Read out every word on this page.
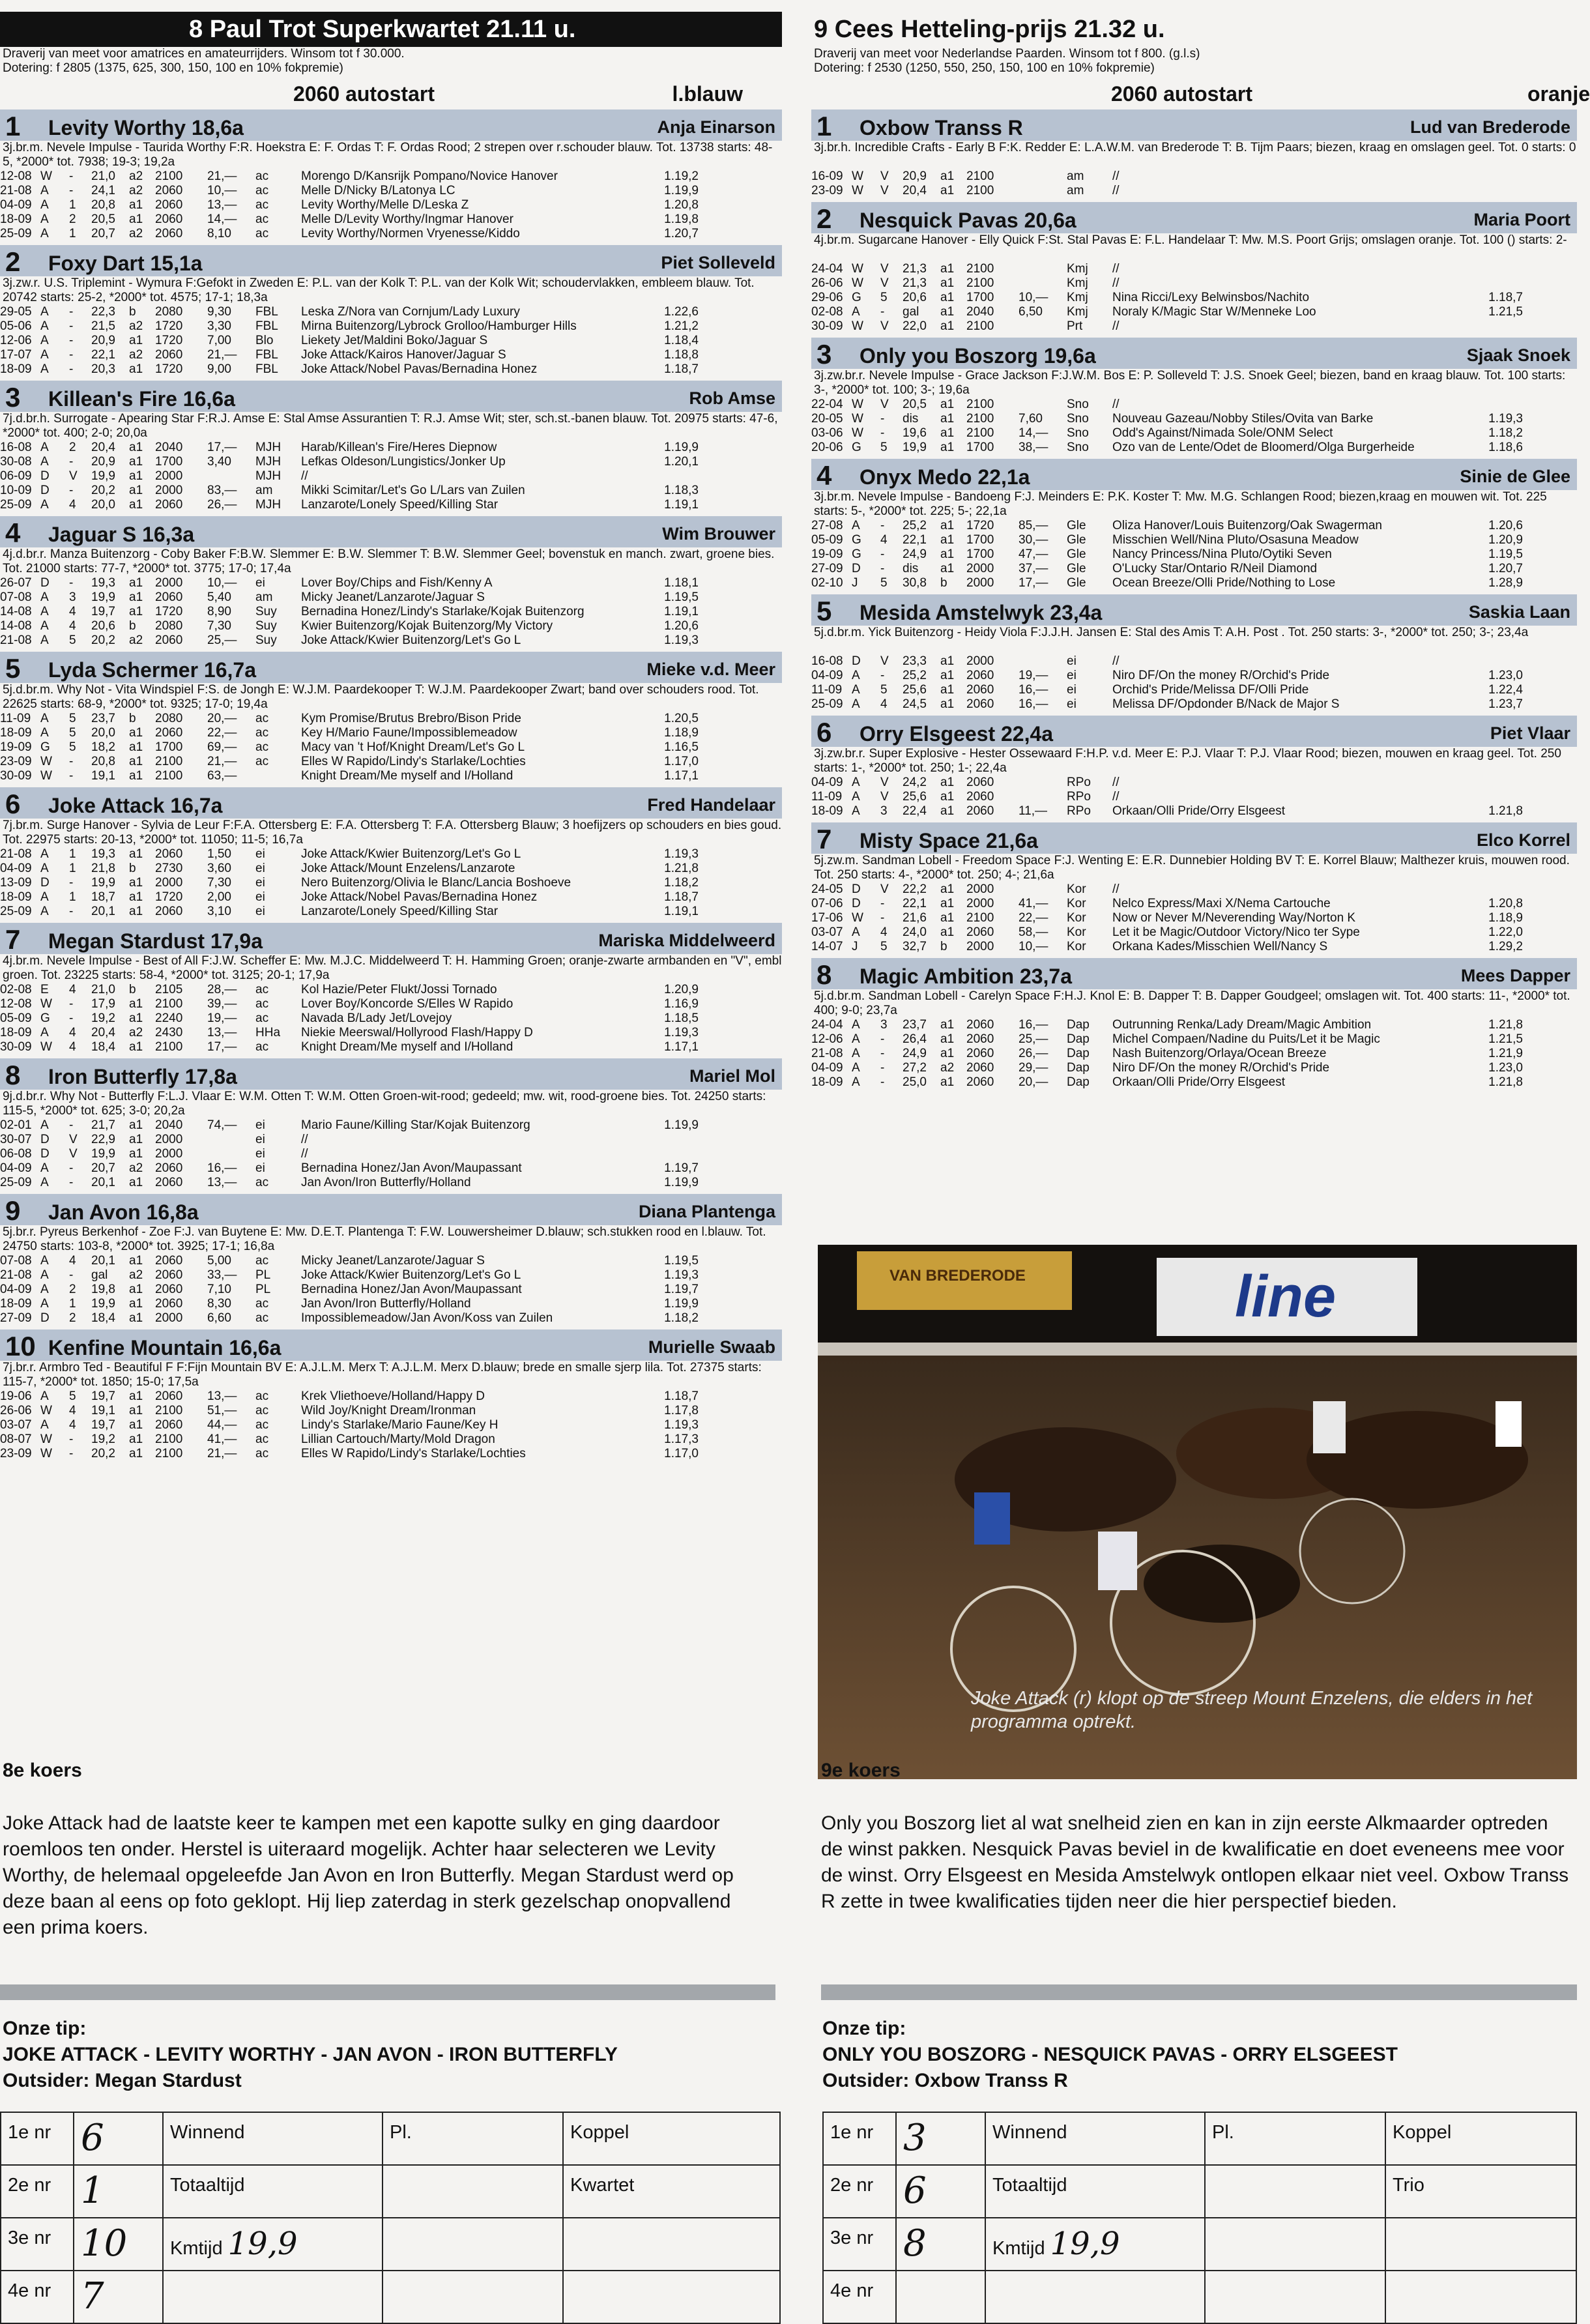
8 Paul Trot Superkwartet 21.11 u.
Draverij van meet voor amatrices en amateurrijders. Winsom tot f 30.000.
Dotering: f 2805 (1375, 625, 300, 150, 100 en 10% fokpremie)
2060 autostart	l.blauw
1 Levity Worthy 18,6a	Anja Einarson
3j.br.m. Nevele Impulse - Taurida Worthy F:R. Hoekstra E: F. Ordas T: F. Ordas Rood; 2 strepen over r.schouder blauw. Tot. 13738 starts: 48-5, *2000* tot. 7938; 19-3; 19,2a
12-08	W	-	21,0	a2	2100	21,—	ac	Morengo D/Kansrijk Pompano/Novice Hanover	1.19,2
21-08	A	-	24,1	a2	2060	10,—	ac	Melle D/Nicky B/Latonya LC	1.19,9
04-09	A	1	20,8	a1	2060	13,—	ac	Levity Worthy/Melle D/Leska Z	1.20,8
18-09	A	2	20,5	a1	2060	14,—	ac	Melle D/Levity Worthy/Ingmar Hanover	1.19,8
25-09	A	1	20,7	a2	2060	8,10	ac	Levity Worthy/Normen Vryenesse/Kiddo	1.20,7
2 Foxy Dart 15,1a	Piet Solleveld
3j.zw.r. U.S. Triplemint - Wymura F:Gefokt in Zweden E: P.L. van der Kolk T: P.L. van der Kolk Wit; schoudervlakken, embleem blauw. Tot. 20742 starts: 25-2, *2000* tot. 4575; 17-1; 18,3a
29-05	A	-	22,3	b	2080	9,30	FBL	Leska Z/Nora van Cornjum/Lady Luxury	1.22,6
05-06	A	-	21,5	a2	1720	3,30	FBL	Mirna Buitenzorg/Lybrock Grolloo/Hamburger Hills	1.21,2
12-06	A	-	20,9	a1	1720	7,00	Blo	Liekety Jet/Maldini Boko/Jaguar S	1.18,4
17-07	A	-	22,1	a2	2060	21,—	FBL	Joke Attack/Kairos Hanover/Jaguar S	1.18,8
18-09	A	-	20,3	a1	1720	9,00	FBL	Joke Attack/Nobel Pavas/Bernadina Honez	1.18,7
3 Killean's Fire 16,6a	Rob Amse
7j.d.br.h. Surrogate - Apearing Star F:R.J. Amse E: Stal Amse Assurantien T: R.J. Amse Wit; ster, sch.st.-banen blauw. Tot. 20975 starts: 47-6, *2000* tot. 400; 2-0; 20,0a
16-08	A	2	20,4	a1	2040	17,—	MJH	Harab/Killean's Fire/Heres Diepnow	1.19,9
30-08	A	-	20,9	a1	1700	3,40	MJH	Lefkas Oldeson/Lungistics/Jonker Up	1.20,1
06-09	D	V	19,9	a1	2000		MJH	//	
10-09	D	-	20,2	a1	2000	83,—	am	Mikki Scimitar/Let's Go L/Lars van Zuilen	1.18,3
25-09	A	4	20,0	a1	2060	26,—	MJH	Lanzarote/Lonely Speed/Killing Star	1.19,1
4 Jaguar S 16,3a	Wim Brouwer
4j.d.br.r. Manza Buitenzorg - Coby Baker F:B.W. Slemmer E: B.W. Slemmer T: B.W. Slemmer Geel; bovenstuk en manch. zwart, groene bies. Tot. 21000 starts: 77-7, *2000* tot. 3775; 17-0; 17,4a
26-07	D	-	19,3	a1	2000	10,—	ei	Lover Boy/Chips and Fish/Kenny A	1.18,1
07-08	A	3	19,9	a1	2060	5,40	am	Micky Jeanet/Lanzarote/Jaguar S	1.19,5
14-08	A	4	19,7	a1	1720	8,90	Suy	Bernadina Honez/Lindy's Starlake/Kojak Buitenzorg	1.19,1
14-08	A	4	20,6	b	2080	7,30	Suy	Kwier Buitenzorg/Kojak Buitenzorg/My Victory	1.20,6
21-08	A	5	20,2	a2	2060	25,—	Suy	Joke Attack/Kwier Buitenzorg/Let's Go L	1.19,3
5 Lyda Schermer 16,7a	Mieke v.d. Meer
5j.d.br.m. Why Not - Vita Windspiel F:S. de Jongh E: W.J.M. Paardekooper T: W.J.M. Paardekooper Zwart; band over schouders rood. Tot. 22625 starts: 68-9, *2000* tot. 9325; 17-0; 19,4a
11-09	A	5	23,7	b	2080	20,—	ac	Kym Promise/Brutus Brebro/Bison Pride	1.20,5
18-09	A	5	20,0	a1	2060	22,—	ac	Key H/Mario Faune/Impossiblemeadow	1.18,9
19-09	G	5	18,2	a1	1700	69,—	ac	Macy van 't Hof/Knight Dream/Let's Go L	1.16,5
23-09	W	-	20,8	a1	2100	21,—	ac	Elles W Rapido/Lindy's Starlake/Lochties	1.17,0
30-09	W	-	19,1	a1	2100	63,—		Knight Dream/Me myself and I/Holland	1.17,1
6 Joke Attack 16,7a	Fred Handelaar
7j.br.m. Surge Hanover - Sylvia de Leur F:F.A. Ottersberg E: F.A. Ottersberg T: F.A. Ottersberg Blauw; 3 hoefijzers op schouders en bies goud. Tot. 22975 starts: 20-13, *2000* tot. 11050; 11-5; 16,7a
21-08	A	1	19,3	a1	2060	1,50	ei	Joke Attack/Kwier Buitenzorg/Let's Go L	1.19,3
04-09	A	1	21,8	b	2730	3,60	ei	Joke Attack/Mount Enzelens/Lanzarote	1.21,8
13-09	D	-	19,9	a1	2000	7,30	ei	Nero Buitenzorg/Olivia le Blanc/Lancia Boshoeve	1.18,2
18-09	A	1	18,7	a1	1720	2,00	ei	Joke Attack/Nobel Pavas/Bernadina Honez	1.18,7
25-09	A	-	20,1	a1	2060	3,10	ei	Lanzarote/Lonely Speed/Killing Star	1.19,1
7 Megan Stardust 17,9a	Mariska Middelweerd
4j.br.m. Nevele Impulse - Best of All F:J.W. Scheffer E: Mw. M.J.C. Middelweerd T: H. Hamming Groen; oranje-zwarte armbanden en "V", embl groen. Tot. 23225 starts: 58-4, *2000* tot. 3125; 20-1; 17,9a
02-08	E	4	21,0	b	2105	28,—	ac	Kol Hazie/Peter Flukt/Jossi Tornado	1.20,9
12-08	W	-	17,9	a1	2100	39,—	ac	Lover Boy/Koncorde S/Elles W Rapido	1.16,9
05-09	G	-	19,2	a1	2240	19,—	ac	Navada B/Lady Jet/Lovejoy	1.18,5
18-09	A	4	20,4	a2	2430	13,—	HHa	Niekie Meerswal/Hollyrood Flash/Happy D	1.19,3
30-09	W	4	18,4	a1	2100	17,—	ac	Knight Dream/Me myself and I/Holland	1.17,1
8 Iron Butterfly 17,8a	Mariel Mol
9j.d.br.r. Why Not - Butterfly F:L.J. Vlaar E: W.M. Otten T: W.M. Otten Groen-wit-rood; gedeeld; mw. wit, rood-groene bies. Tot. 24250 starts: 115-5, *2000* tot. 625; 3-0; 20,2a
02-01	A	-	21,7	a1	2040	74,—	ei	Mario Faune/Killing Star/Kojak Buitenzorg	1.19,9
30-07	D	V	22,9	a1	2000		ei	//	
06-08	D	V	19,9	a1	2000		ei	//	
04-09	A	-	20,7	a2	2060	16,—	ei	Bernadina Honez/Jan Avon/Maupassant	1.19,7
25-09	A	-	20,1	a1	2060	13,—	ac	Jan Avon/Iron Butterfly/Holland	1.19,9
9 Jan Avon 16,8a	Diana Plantenga
5j.br.r. Pyreus Berkenhof - Zoe F:J. van Buytene E: Mw. D.E.T. Plantenga T: F.W. Louwersheimer D.blauw; sch.stukken rood en l.blauw. Tot. 24750 starts: 103-8, *2000* tot. 3925; 17-1; 16,8a
07-08	A	4	20,1	a1	2060	5,00	ac	Micky Jeanet/Lanzarote/Jaguar S	1.19,5
21-08	A	-	gal	a2	2060	33,—	PL	Joke Attack/Kwier Buitenzorg/Let's Go L	1.19,3
04-09	A	2	19,8	a1	2060	7,10	PL	Bernadina Honez/Jan Avon/Maupassant	1.19,7
18-09	A	1	19,9	a1	2060	8,30	ac	Jan Avon/Iron Butterfly/Holland	1.19,9
27-09	D	2	18,4	a1	2000	6,60	ac	Impossiblemeadow/Jan Avon/Koss van Zuilen	1.18,2
10 Kenfine Mountain 16,6a	Murielle Swaab
7j.br.r. Armbro Ted - Beautiful F F:Fijn Mountain BV E: A.J.L.M. Merx T: A.J.L.M. Merx D.blauw; brede en smalle sjerp lila. Tot. 27375 starts: 115-7, *2000* tot. 1850; 15-0; 17,5a
19-06	A	5	19,7	a1	2060	13,—	ac	Krek Vliethoeve/Holland/Happy D	1.18,7
26-06	W	4	19,1	a1	2100	51,—	ac	Wild Joy/Knight Dream/Ironman	1.17,8
03-07	A	4	19,7	a1	2060	44,—	ac	Lindy's Starlake/Mario Faune/Key H	1.19,3
08-07	W	-	19,2	a1	2100	41,—	ac	Lillian Cartouch/Marty/Mold Dragon	1.17,3
23-09	W	-	20,2	a1	2100	21,—	ac	Elles W Rapido/Lindy's Starlake/Lochties	1.17,0
9 Cees Hetteling-prijs 21.32 u.
Draverij van meet voor Nederlandse Paarden. Winsom tot f 800. (g.l.s)
Dotering: f 2530 (1250, 550, 250, 150, 100 en 10% fokpremie)
2060 autostart	oranje
1 Oxbow Transs R	Lud van Brederode
3j.br.h. Incredible Crafts - Early B F:K. Redder E: L.A.W.M. van Brederode T: B. Tijm Paars; biezen, kraag en omslagen geel. Tot. 0 starts: 0
16-09	W	V	20,9	a1	2100		am	//	
23-09	W	V	20,4	a1	2100		am	//	
2 Nesquick Pavas 20,6a	Maria Poort
4j.br.m. Sugarcane Hanover - Elly Quick F:St. Stal Pavas E: F.L. Handelaar T: Mw. M.S. Poort Grijs; omslagen oranje. Tot. 100 () starts: 2-
24-04	W	V	21,3	a1	2100		Kmj	//	
26-06	W	V	21,3	a1	2100		Kmj	//	
29-06	G	5	20,6	a1	1700	10,—	Kmj	Nina Ricci/Lexy Belwinsbos/Nachito	1.18,7
02-08	A	-	gal	a1	2040	6,50	Kmj	Noraly K/Magic Star W/Menneke Loo	1.21,5
30-09	W	V	22,0	a1	2100		Prt	//	
3 Only you Boszorg 19,6a	Sjaak Snoek
3j.zw.br.r. Nevele Impulse - Grace Jackson F:J.W.M. Bos E: P. Solleveld T: J.S. Snoek Geel; biezen, band en kraag blauw. Tot. 100 starts: 3-, *2000* tot. 100; 3-; 19,6a
22-04	W	V	20,5	a1	2100		Sno	//	
20-05	W	-	dis	a1	2100	7,60	Sno	Nouveau Gazeau/Nobby Stiles/Ovita van Barke	1.19,3
03-06	W	-	19,6	a1	2100	14,—	Sno	Odd's Against/Nimada Sole/ONM Select	1.18,2
20-06	G	5	19,9	a1	1700	38,—	Sno	Ozo van de Lente/Odet de Bloomerd/Olga Burgerheide	1.18,6
4 Onyx Medo 22,1a	Sinie de Glee
3j.br.m. Nevele Impulse - Bandoeng F:J. Meinders E: P.K. Koster T: Mw. M.G. Schlangen Rood; biezen,kraag en mouwen wit. Tot. 225 starts: 5-, *2000* tot. 225; 5-; 22,1a
27-08	A	-	25,2	a1	1720	85,—	Gle	Oliza Hanover/Louis Buitenzorg/Oak Swagerman	1.20,6
05-09	G	4	22,1	a1	1700	30,—	Gle	Misschien Well/Nina Pluto/Osasuna Meadow	1.20,9
19-09	G	-	24,9	a1	1700	47,—	Gle	Nancy Princess/Nina Pluto/Oytiki Seven	1.19,5
27-09	D	-	dis	a1	2000	37,—	Gle	O'Lucky Star/Ontario R/Neil Diamond	1.20,7
02-10	J	5	30,8	b	2000	17,—	Gle	Ocean Breeze/Olli Pride/Nothing to Lose	1.28,9
5 Mesida Amstelwyk 23,4a	Saskia Laan
5j.d.br.m. Yick Buitenzorg - Heidy Viola F:J.J.H. Jansen E: Stal des Amis T: A.H. Post . Tot. 250 starts: 3-, *2000* tot. 250; 3-; 23,4a
16-08	D	V	23,3	a1	2000		ei	//	
04-09	A	-	25,2	a1	2060	19,—	ei	Niro DF/On the money R/Orchid's Pride	1.23,0
11-09	A	5	25,6	a1	2060	16,—	ei	Orchid's Pride/Melissa DF/Olli Pride	1.22,4
25-09	A	4	24,5	a1	2060	16,—	ei	Melissa DF/Opdonder B/Nack de Major S	1.23,7
6 Orry Elsgeest 22,4a	Piet Vlaar
3j.zw.br.r. Super Explosive - Hester Ossewaard F:H.P. v.d. Meer E: P.J. Vlaar T: P.J. Vlaar Rood; biezen, mouwen en kraag geel. Tot. 250 starts: 1-, *2000* tot. 250; 1-; 22,4a
04-09	A	V	24,2	a1	2060		RPo	//	
11-09	A	V	25,6	a1	2060		RPo	//	
18-09	A	3	22,4	a1	2060	11,—	RPo	Orkaan/Olli Pride/Orry Elsgeest	1.21,8
7 Misty Space 21,6a	Elco Korrel
5j.zw.m. Sandman Lobell - Freedom Space F:J. Wenting E: E.R. Dunnebier Holding BV T: E. Korrel Blauw; Malthezer kruis, mouwen rood. Tot. 250 starts: 4-, *2000* tot. 250; 4-; 21,6a
24-05	D	V	22,2	a1	2000		Kor	//	
07-06	D	-	22,1	a1	2000	41,—	Kor	Nelco Express/Maxi X/Nema Cartouche	1.20,8
17-06	W	-	21,6	a1	2100	22,—	Kor	Now or Never M/Neverending Way/Norton K	1.18,9
03-07	A	4	24,0	a1	2060	58,—	Kor	Let it be Magic/Outdoor Victory/Nico ter Sype	1.22,0
14-07	J	5	32,7	b	2000	10,—	Kor	Orkana Kades/Misschien Well/Nancy S	1.29,2
8 Magic Ambition 23,7a	Mees Dapper
5j.d.br.m. Sandman Lobell - Carelyn Space F:H.J. Knol E: B. Dapper T: B. Dapper Goudgeel; omslagen wit. Tot. 400 starts: 11-, *2000* tot. 400; 9-0; 23,7a
24-04	A	3	23,7	a1	2060	16,—	Dap	Outrunning Renka/Lady Dream/Magic Ambition	1.21,8
12-06	A	-	26,4	a1	2060	25,—	Dap	Michel Compaen/Nadine du Puits/Let it be Magic	1.21,5
21-08	A	-	24,9	a1	2060	26,—	Dap	Nash Buitenzorg/Orlaya/Ocean Breeze	1.21,9
04-09	A	-	27,2	a2	2060	29,—	Dap	Niro DF/On the money R/Orchid's Pride	1.23,0
18-09	A	-	25,0	a1	2060	20,—	Dap	Orkaan/Olli Pride/Orry Elsgeest	1.21,8
VAN BREDERODE	line
Joke Attack (r) klopt op de streep Mount Enzelens, die elders in het programma optrekt.
8e koers
Joke Attack had de laatste keer te kampen met een kapotte sulky en ging daardoor roemloos ten onder. Herstel is uiteraard mogelijk. Achter haar selecteren we Levity Worthy, de helemaal opgeleefde Jan Avon en Iron Butterfly. Megan Stardust werd op deze baan al eens op foto geklopt. Hij liep zaterdag in sterk gezelschap onopvallend een prima koers.
9e koers
Only you Boszorg liet al wat snelheid zien en kan in zijn eerste Alkmaarder optreden de winst pakken. Nesquick Pavas beviel in de kwalificatie en doet eveneens mee voor de winst. Orry Elsgeest en Mesida Amstelwyk ontlopen elkaar niet veel. Oxbow Transs R zette in twee kwalificaties tijden neer die hier perspectief bieden.
Onze tip:
JOKE ATTACK - LEVITY WORTHY - JAN AVON - IRON BUTTERFLY
Outsider: Megan Stardust
Onze tip:
ONLY YOU BOSZORG - NESQUICK PAVAS - ORRY ELSGEEST
Outsider: Oxbow Transs R
1e nr	6	Winnend	Pl.	Koppel
2e nr	1	Totaaltijd		Kwartet
3e nr	10	Kmtijd 19,9		
4e nr	7			
1e nr	3	Winnend	Pl.	Koppel
2e nr	6	Totaaltijd		Trio
3e nr	8	Kmtijd 19,9		
4e nr				
